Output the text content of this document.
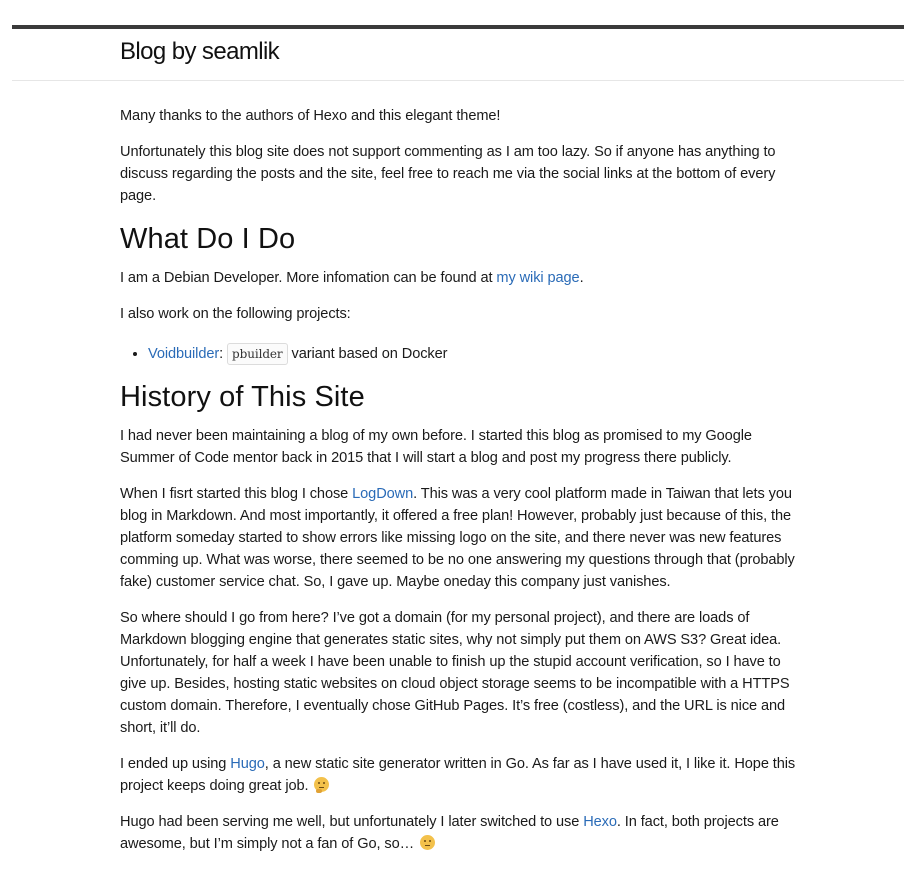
Blog by seamlik

Many thanks to the authors of Hexo and this elegant theme!

Unfortunately this blog site does not support commenting as I am too lazy. So if anyone has anything to discuss regarding the posts and the site, feel free to reach me via the social links at the bottom of every page.

What Do I Do

I am a Debian Developer. More infomation can be found at my wiki page.

I also work on the following projects:

• Voidbuilder: pbuilder variant based on Docker
History of This Site

I had never been maintaining a blog of my own before. I started this blog as promised to my Google Summer of Code mentor back in 2015 that I will start a blog and post my progress there publicly.

When I fisrt started this blog I chose LogDown. This was a very cool platform made in Taiwan that lets you blog in Markdown. And most importantly, it offered a free plan! However, probably just because of this, the platform someday started to show errors like missing logo on the site, and there never was new features comming up. What was worse, there seemed to be no one answering my questions through that (probably fake) customer service chat. So, I gave up. Maybe oneday this company just vanishes.

So where should I go from here? I’ve got a domain (for my personal project), and there are loads of Markdown blogging engine that generates static sites, why not simply put them on AWS S3? Great idea. Unfortunately, for half a week I have been unable to finish up the stupid account verification, so I have to give up. Besides, hosting static websites on cloud object storage seems to be incompatible with a HTTPS custom domain. Therefore, I eventually chose GitHub Pages. It’s free (costless), and the URL is nice and short, it’ll do.

I ended up using Hugo, a new static site generator written in Go. As far as I have used it, I like it. Hope this project keeps doing great job.

Hugo had been serving me well, but unfortunately I later switched to use Hexo. In fact, both projects are awesome, but I’m simply not a fan of Go, so…
